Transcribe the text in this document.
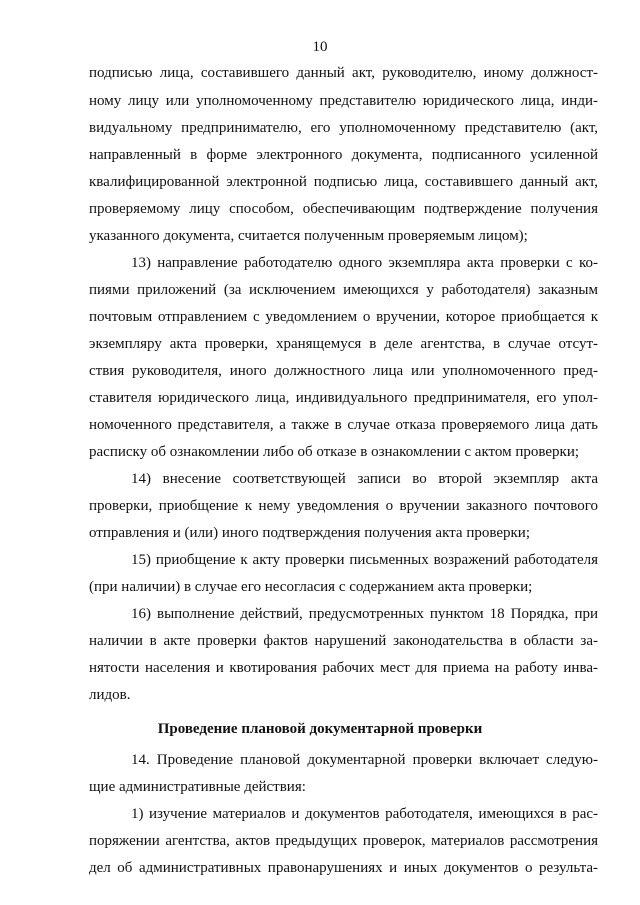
10
подписью лица, составившего данный акт, руководителю, иному должност-
ному лицу или уполномоченному представителю юридического лица, инди-
видуальному предпринимателю, его уполномоченному представителю (акт,
направленный в форме электронного документа, подписанного усиленной
квалифицированной электронной подписью лица, составившего данный акт,
проверяемому лицу способом, обеспечивающим подтверждение получения
указанного документа, считается полученным проверяемым лицом);
13) направление работодателю одного экземпляра акта проверки с ко-
пиями приложений (за исключением имеющихся у работодателя) заказным
почтовым отправлением с уведомлением о вручении, которое приобщается к
экземпляру акта проверки, хранящемуся в деле агентства, в случае отсут-
ствия руководителя, иного должностного лица или уполномоченного пред-
ставителя юридического лица, индивидуального предпринимателя, его упол-
номоченного представителя, а также в случае отказа проверяемого лица дать
расписку об ознакомлении либо об отказе в ознакомлении с актом проверки;
14) внесение соответствующей записи во второй экземпляр акта
проверки, приобщение к нему уведомления о вручении заказного почтового
отправления и (или) иного подтверждения получения акта проверки;
15) приобщение к акту проверки письменных возражений работодателя
(при наличии) в случае его несогласия с содержанием акта проверки;
16) выполнение действий, предусмотренных пунктом 18 Порядка, при
наличии в акте проверки фактов нарушений законодательства в области за-
нятости населения и квотирования рабочих мест для приема на работу инва-
лидов.
Проведение плановой документарной проверки
14. Проведение плановой документарной проверки включает следую-
щие административные действия:
1) изучение материалов и документов работодателя, имеющихся в рас-
поряжении агентства, актов предыдущих проверок, материалов рассмотрения
дел об административных правонарушениях и иных документов о результа-
